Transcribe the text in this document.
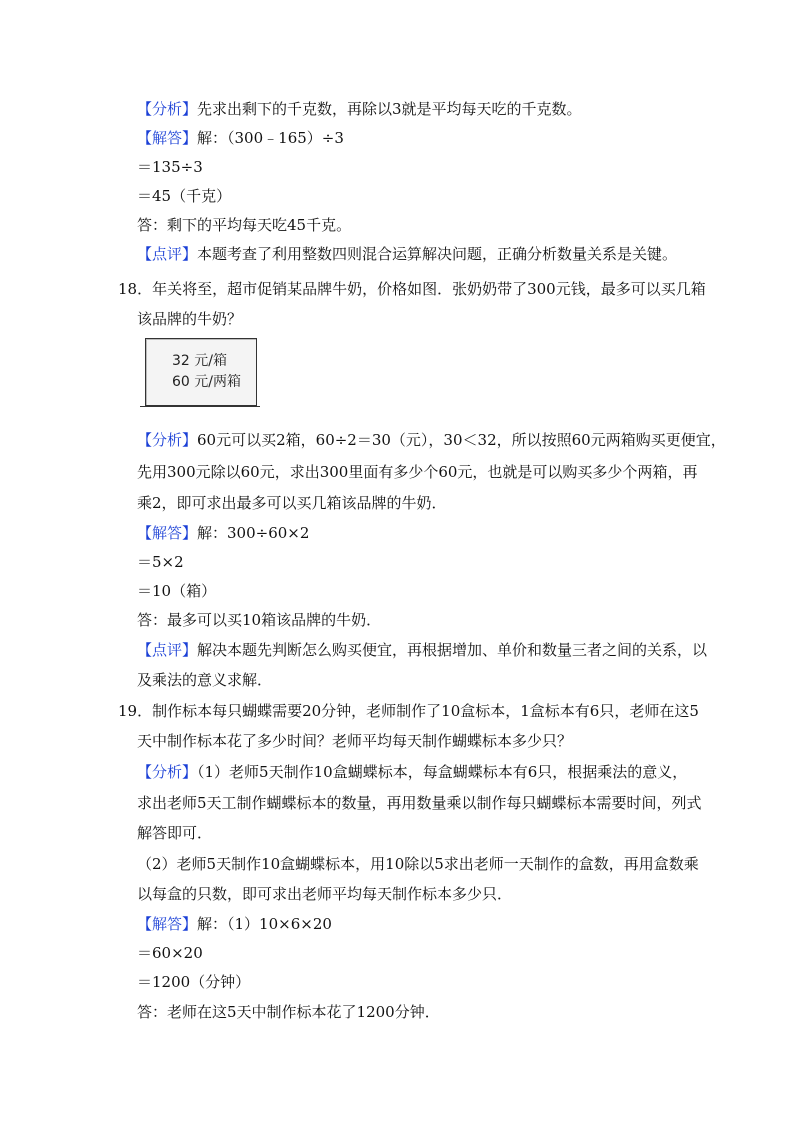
【分析】先求出剩下的千克数，再除以3就是平均每天吃的千克数。
【解答】解：（300﹣165）÷3
＝135÷3
＝45（千克）
答：剩下的平均每天吃45千克。
【点评】本题考查了利用整数四则混合运算解决问题，正确分析数量关系是关键。
18．年关将至，超市促销某品牌牛奶，价格如图．张奶奶带了300元钱，最多可以买几箱
该品牌的牛奶？
32 元/箱
60 元/两箱
【分析】60元可以买2箱，60÷2＝30（元），30＜32，所以按照60元两箱购买更便宜，
先用300元除以60元，求出300里面有多少个60元，也就是可以购买多少个两箱，再
乘2，即可求出最多可以买几箱该品牌的牛奶．
【解答】解：300÷60×2
＝5×2
＝10（箱）
答：最多可以买10箱该品牌的牛奶．
【点评】解决本题先判断怎么购买便宜，再根据增加、单价和数量三者之间的关系，以
及乘法的意义求解．
19．制作标本每只蝴蝶需要20分钟，老师制作了10盒标本，1盒标本有6只，老师在这5
天中制作标本花了多少时间？老师平均每天制作蝴蝶标本多少只？
【分析】（1）老师5天制作10盒蝴蝶标本，每盒蝴蝶标本有6只，根据乘法的意义，
求出老师5天工制作蝴蝶标本的数量，再用数量乘以制作每只蝴蝶标本需要时间，列式
解答即可．
（2）老师5天制作10盒蝴蝶标本，用10除以5求出老师一天制作的盒数，再用盒数乘
以每盒的只数，即可求出老师平均每天制作标本多少只．
【解答】解：（1）10×6×20
＝60×20
＝1200（分钟）
答：老师在这5天中制作标本花了1200分钟．
